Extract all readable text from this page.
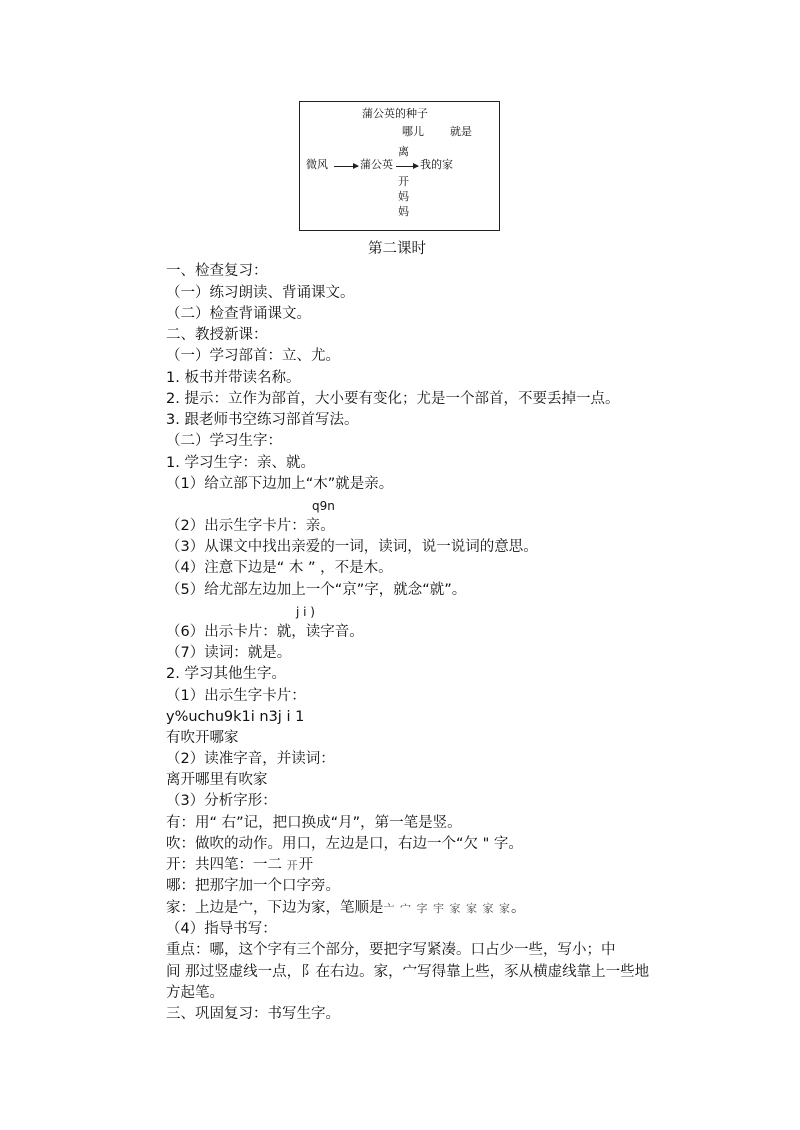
蒲公英的种子
哪儿 就是
微风	蒲公英 我的家
离
开
妈
妈
第二课时
一、检查复习：
（一）练习朗读、背诵课文。
（二）检查背诵课文。
二、教授新课：
（一）学习部首：立、尤。
1. 板书并带读名称。
2. 提示：立作为部首，大小要有变化；尤是一个部首，不要丢掉一点。
3. 跟老师书空练习部首写法。
（二）学习生字：
1. 学习生字：亲、就。
（1）给立部下边加上“木”就是亲。
q9n
（2）出示生字卡片：亲。
（3）从课文中找出亲爱的一词，读词，说一说词的意思。
（4）注意下边是“ 木 ” ，不是木。
（5）给尤部左边加上一个“京”字，就念“就”。
j i )
（6）出示卡片：就，读字音。
（7）读词：就是。
2. 学习其他生字。
（1）出示生字卡片：
y%uchu9k1i n3j i 1
有吹开哪家
（2）读准字音，并读词：
离开哪里有吹家
（3）分析字形：
有：用“ 右”记，把口换成“月”，第一笔是竖。
吹：做吹的动作。用口，左边是口，右边一个“欠 " 字。
开：共四笔：一二 开开
哪：把那字加一个口字旁。
家：上边是宀，下边为家，笔顺是亠 宀 字 宇 家 家 家 家。
（4）指导书写：
重点：哪，这个字有三个部分，要把字写紧凑。口占少一些，写小；中
间 那过竖虚线一点，阝在右边。家，宀写得靠上些，豕从横虚线靠上一些地
方起笔。
三、巩固复习：书写生字。
